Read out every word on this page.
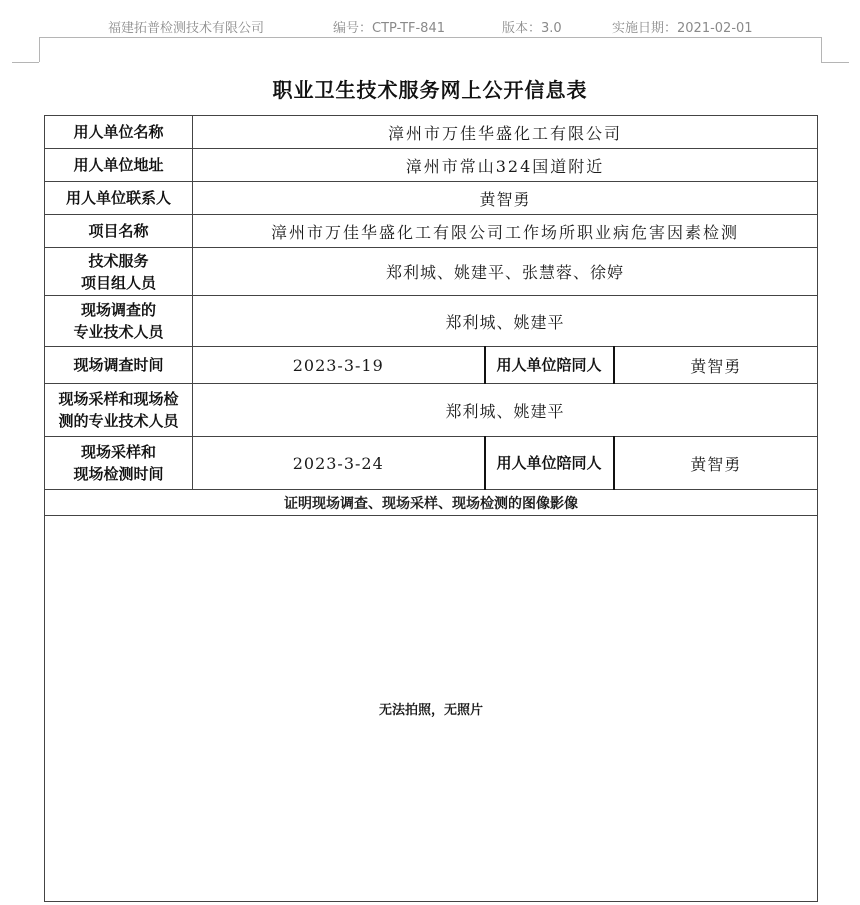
福建拓普检测技术有限公司	编号：CTP-TF-841	版本：3.0	实施日期：2021-02-01
职业卫生技术服务网上公开信息表
用人单位名称	漳州市万佳华盛化工有限公司		
用人单位地址	漳州市常山324国道附近		
用人单位联系人	黄智勇		
项目名称	漳州市万佳华盛化工有限公司工作场所职业病危害因素检测		

技术服务
项目组人员	郑利城、姚建平、张慧蓉、徐婷		

现场调查的
专业技术人员	郑利城、姚建平		
现场调查时间	2023-3-19	用人单位陪同人	黄智勇

现场采样和现场检
测的专业技术人员	郑利城、姚建平		

现场采样和
现场检测时间	2023-3-24	用人单位陪同人	黄智勇
证明现场调查、现场采样、现场检测的图像影像			
无法拍照，无照片			
